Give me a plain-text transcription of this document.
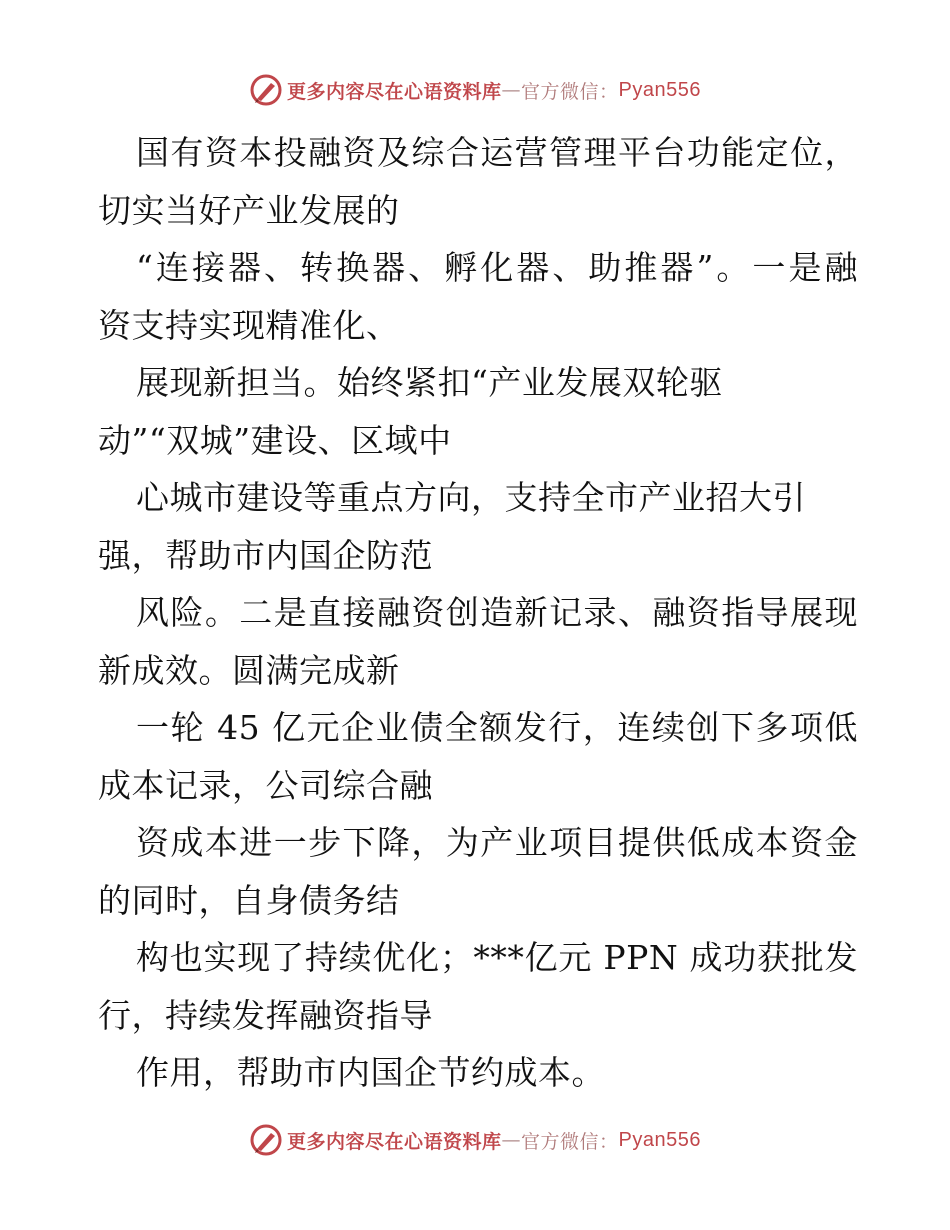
更多内容尽在心语资料库 — 官方微信： Pyan556
国有资本投融资及综合运营管理平台功能定位，
切实当好产业发展的
“连接器、转换器、孵化器、助推器”。一是融
资支持实现精准化、
展现新担当。始终紧扣“产业发展双轮驱
动”“双城”建设、区域中
心城市建设等重点方向，支持全市产业招大引
强，帮助市内国企防范
风险。二是直接融资创造新记录、融资指导展现
新成效。圆满完成新
一轮 45 亿元企业债全额发行，连续创下多项低
成本记录，公司综合融
资成本进一步下降，为产业项目提供低成本资金
的同时，自身债务结
构也实现了持续优化；***亿元 PPN 成功获批发
行，持续发挥融资指导
作用，帮助市内国企节约成本。
更多内容尽在心语资料库 — 官方微信： Pyan556
